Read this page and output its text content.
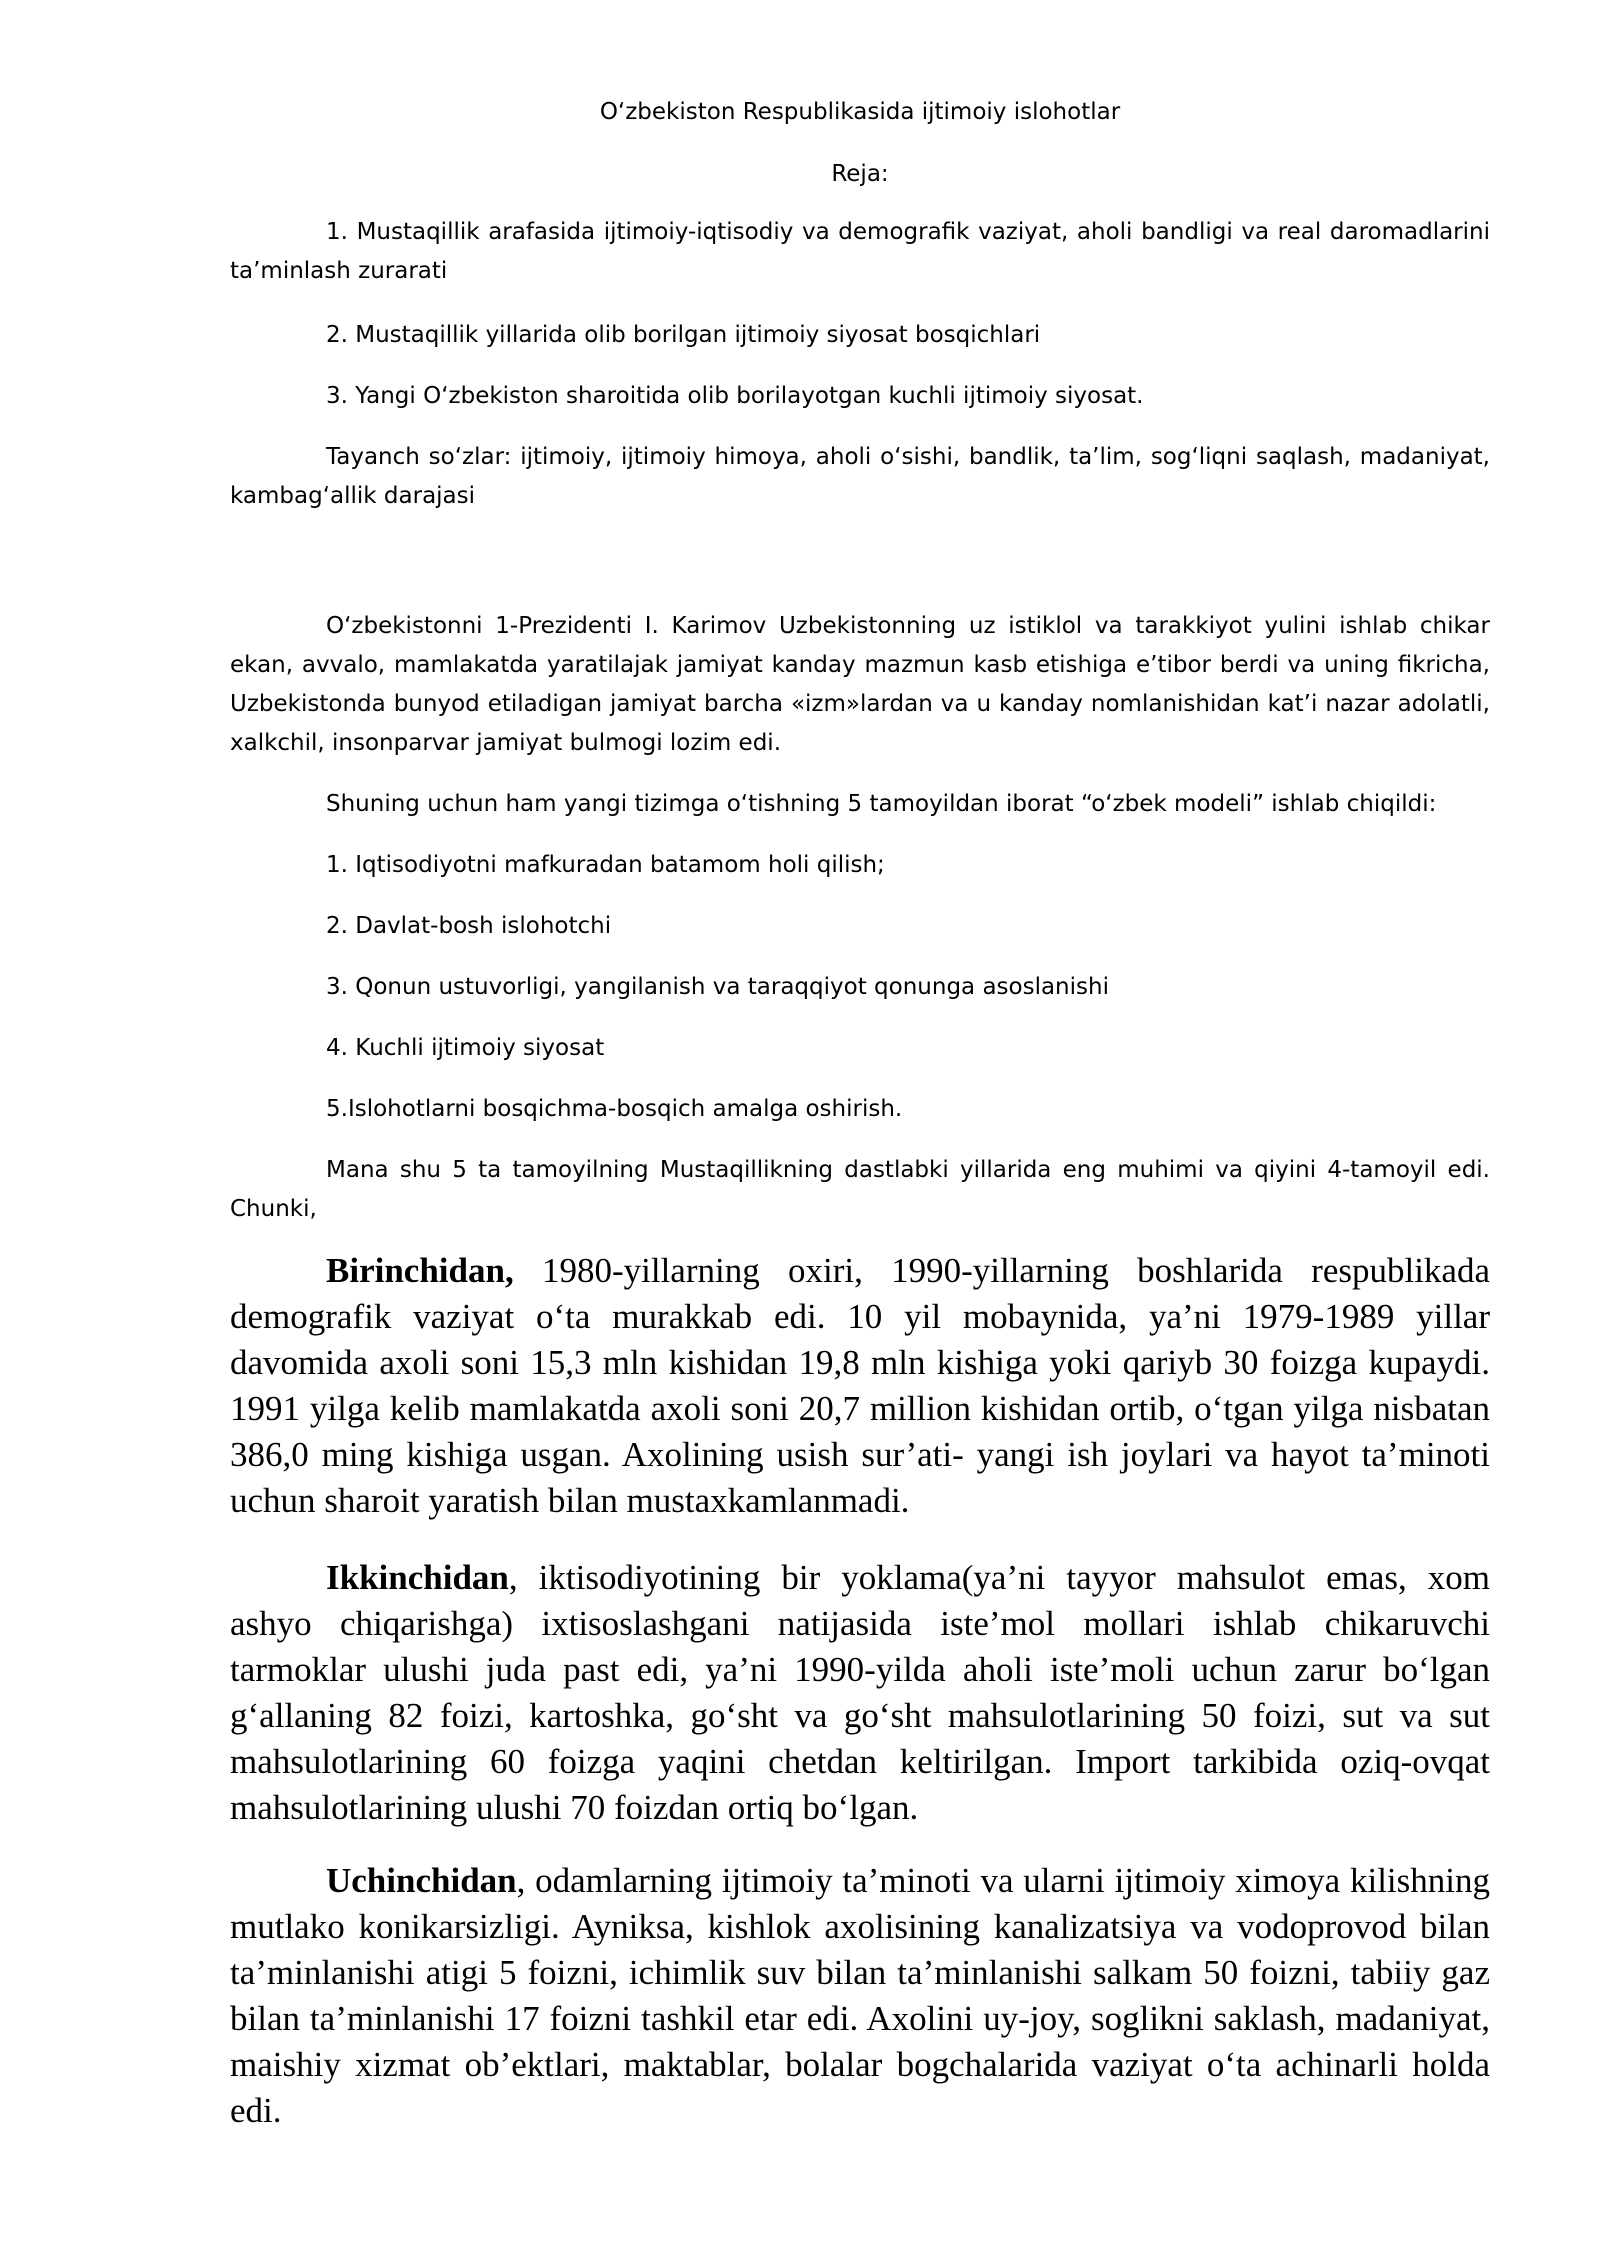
O‘zbekiston Respublikasida ijtimoiy islohotlar
Reja:

1. Mustaqillik arafasida ijtimoiy-iqtisodiy va demografik vaziyat, aholi bandligi va real daromadlarini ta’minlash zurarati

2. Mustaqillik yillarida olib borilgan ijtimoiy siyosat bosqichlari

3. Yangi O‘zbekiston sharoitida olib borilayotgan kuchli ijtimoiy siyosat.

Tayanch so‘zlar: ijtimoiy, ijtimoiy himoya, aholi o‘sishi, bandlik, ta’lim, sog‘liqni saqlash, madaniyat, kambag‘allik darajasi

O‘zbekistonni 1-Prezidenti I. Karimov Uzbekistonning uz istiklol va tarakkiyot yulini ishlab chikar ekan, avvalo, mamlakatda yaratilajak jamiyat kanday mazmun kasb etishiga e’tibor berdi va uning fikricha, Uzbekistonda bunyod etiladigan jamiyat barcha «izm»lardan va u kanday nomlanishidan kat’i nazar adolatli, xalkchil, insonparvar jamiyat bulmogi lozim edi.

Shuning uchun ham yangi tizimga o‘tishning 5 tamoyildan iborat “o‘zbek modeli” ishlab chiqildi:

1. Iqtisodiyotni mafkuradan batamom holi qilish;

2. Davlat-bosh islohotchi

3. Qonun ustuvorligi, yangilanish va taraqqiyot qonunga asoslanishi

4. Kuchli ijtimoiy siyosat

5.Islohotlarni bosqichma-bosqich amalga oshirish.

Mana shu 5 ta tamoyilning Mustaqillikning dastlabki yillarida eng muhimi va qiyini 4-tamoyil edi. Chunki,

Birinchidan, 1980-yillarning oxiri, 1990-yillarning boshlarida respublikada demografik vaziyat o‘ta murakkab edi. 10 yil mobaynida, ya’ni 1979-1989 yillar davomida axoli soni 15,3 mln kishidan 19,8 mln kishiga yoki qariyb 30 foizga kupaydi. 1991 yilga kelib mamlakatda axoli soni 20,7 million kishidan ortib, o‘tgan yilga nisbatan 386,0 ming kishiga usgan. Axolining usish sur’ati- yangi ish joylari va hayot ta’minoti uchun sharoit yaratish bilan mustaxkamlanmadi.

Ikkinchidan, iktisodiyotining bir yoklama(ya’ni tayyor mahsulot emas, xom ashyo chiqarishga) ixtisoslashgani natijasida iste’mol mollari ishlab chikaruvchi tarmoklar ulushi juda past edi, ya’ni 1990-yilda aholi iste’moli uchun zarur bo‘lgan g‘allaning 82 foizi, kartoshka, go‘sht va go‘sht mahsulotlarining 50 foizi, sut va sut mahsulotlarining 60 foizga yaqini chetdan keltirilgan. Import tarkibida oziq-ovqat mahsulotlarining ulushi 70 foizdan ortiq bo‘lgan.

Uchinchidan, odamlarning ijtimoiy ta’minoti va ularni ijtimoiy ximoya kilishning mutlako konikarsizligi. Ayniksa, kishlok axolisining kanalizatsiya va vodoprovod bilan ta’minlanishi atigi 5 foizni, ichimlik suv bilan ta’minlanishi salkam 50 foizni, tabiiy gaz bilan ta’minlanishi 17 foizni tashkil etar edi. Axolini uy-joy, soglikni saklash, madaniyat, maishiy xizmat ob’ektlari, maktablar, bolalar bogchalarida vaziyat o‘ta achinarli holda edi.
